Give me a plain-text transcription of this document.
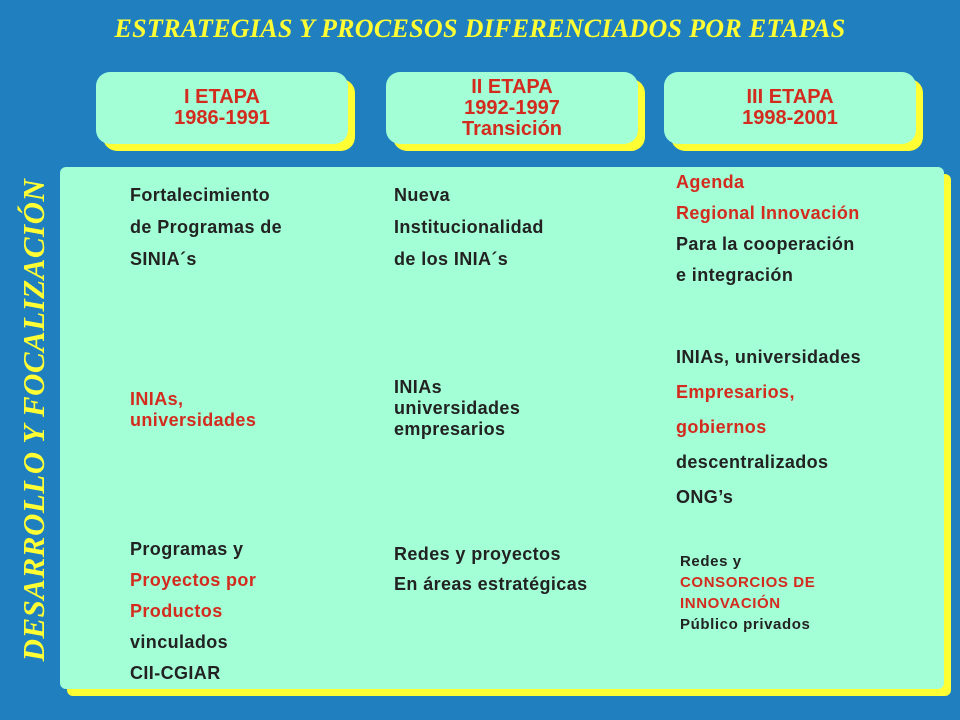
ESTRATEGIAS Y PROCESOS DIFERENCIADOS POR ETAPAS
DESARROLLO Y FOCALIZACIÓN
I ETAPA
1986-1991
II ETAPA
1992-1997
Transición
III ETAPA
1998-2001
Fortalecimiento
de Programas de
SINIA´s
INIAs,
universidades
Programas y
Proyectos por
Productos
vinculados
CII-CGIAR
Nueva
Institucionalidad
de los INIA´s
INIAs
universidades
empresarios
Redes y proyectos
En áreas estratégicas
Agenda
Regional Innovación
Para la cooperación
e integración
INIAs, universidades
Empresarios,
gobiernos
descentralizados
ONG’s
Redes y
CONSORCIOS DE
INNOVACIÓN
Público privados
